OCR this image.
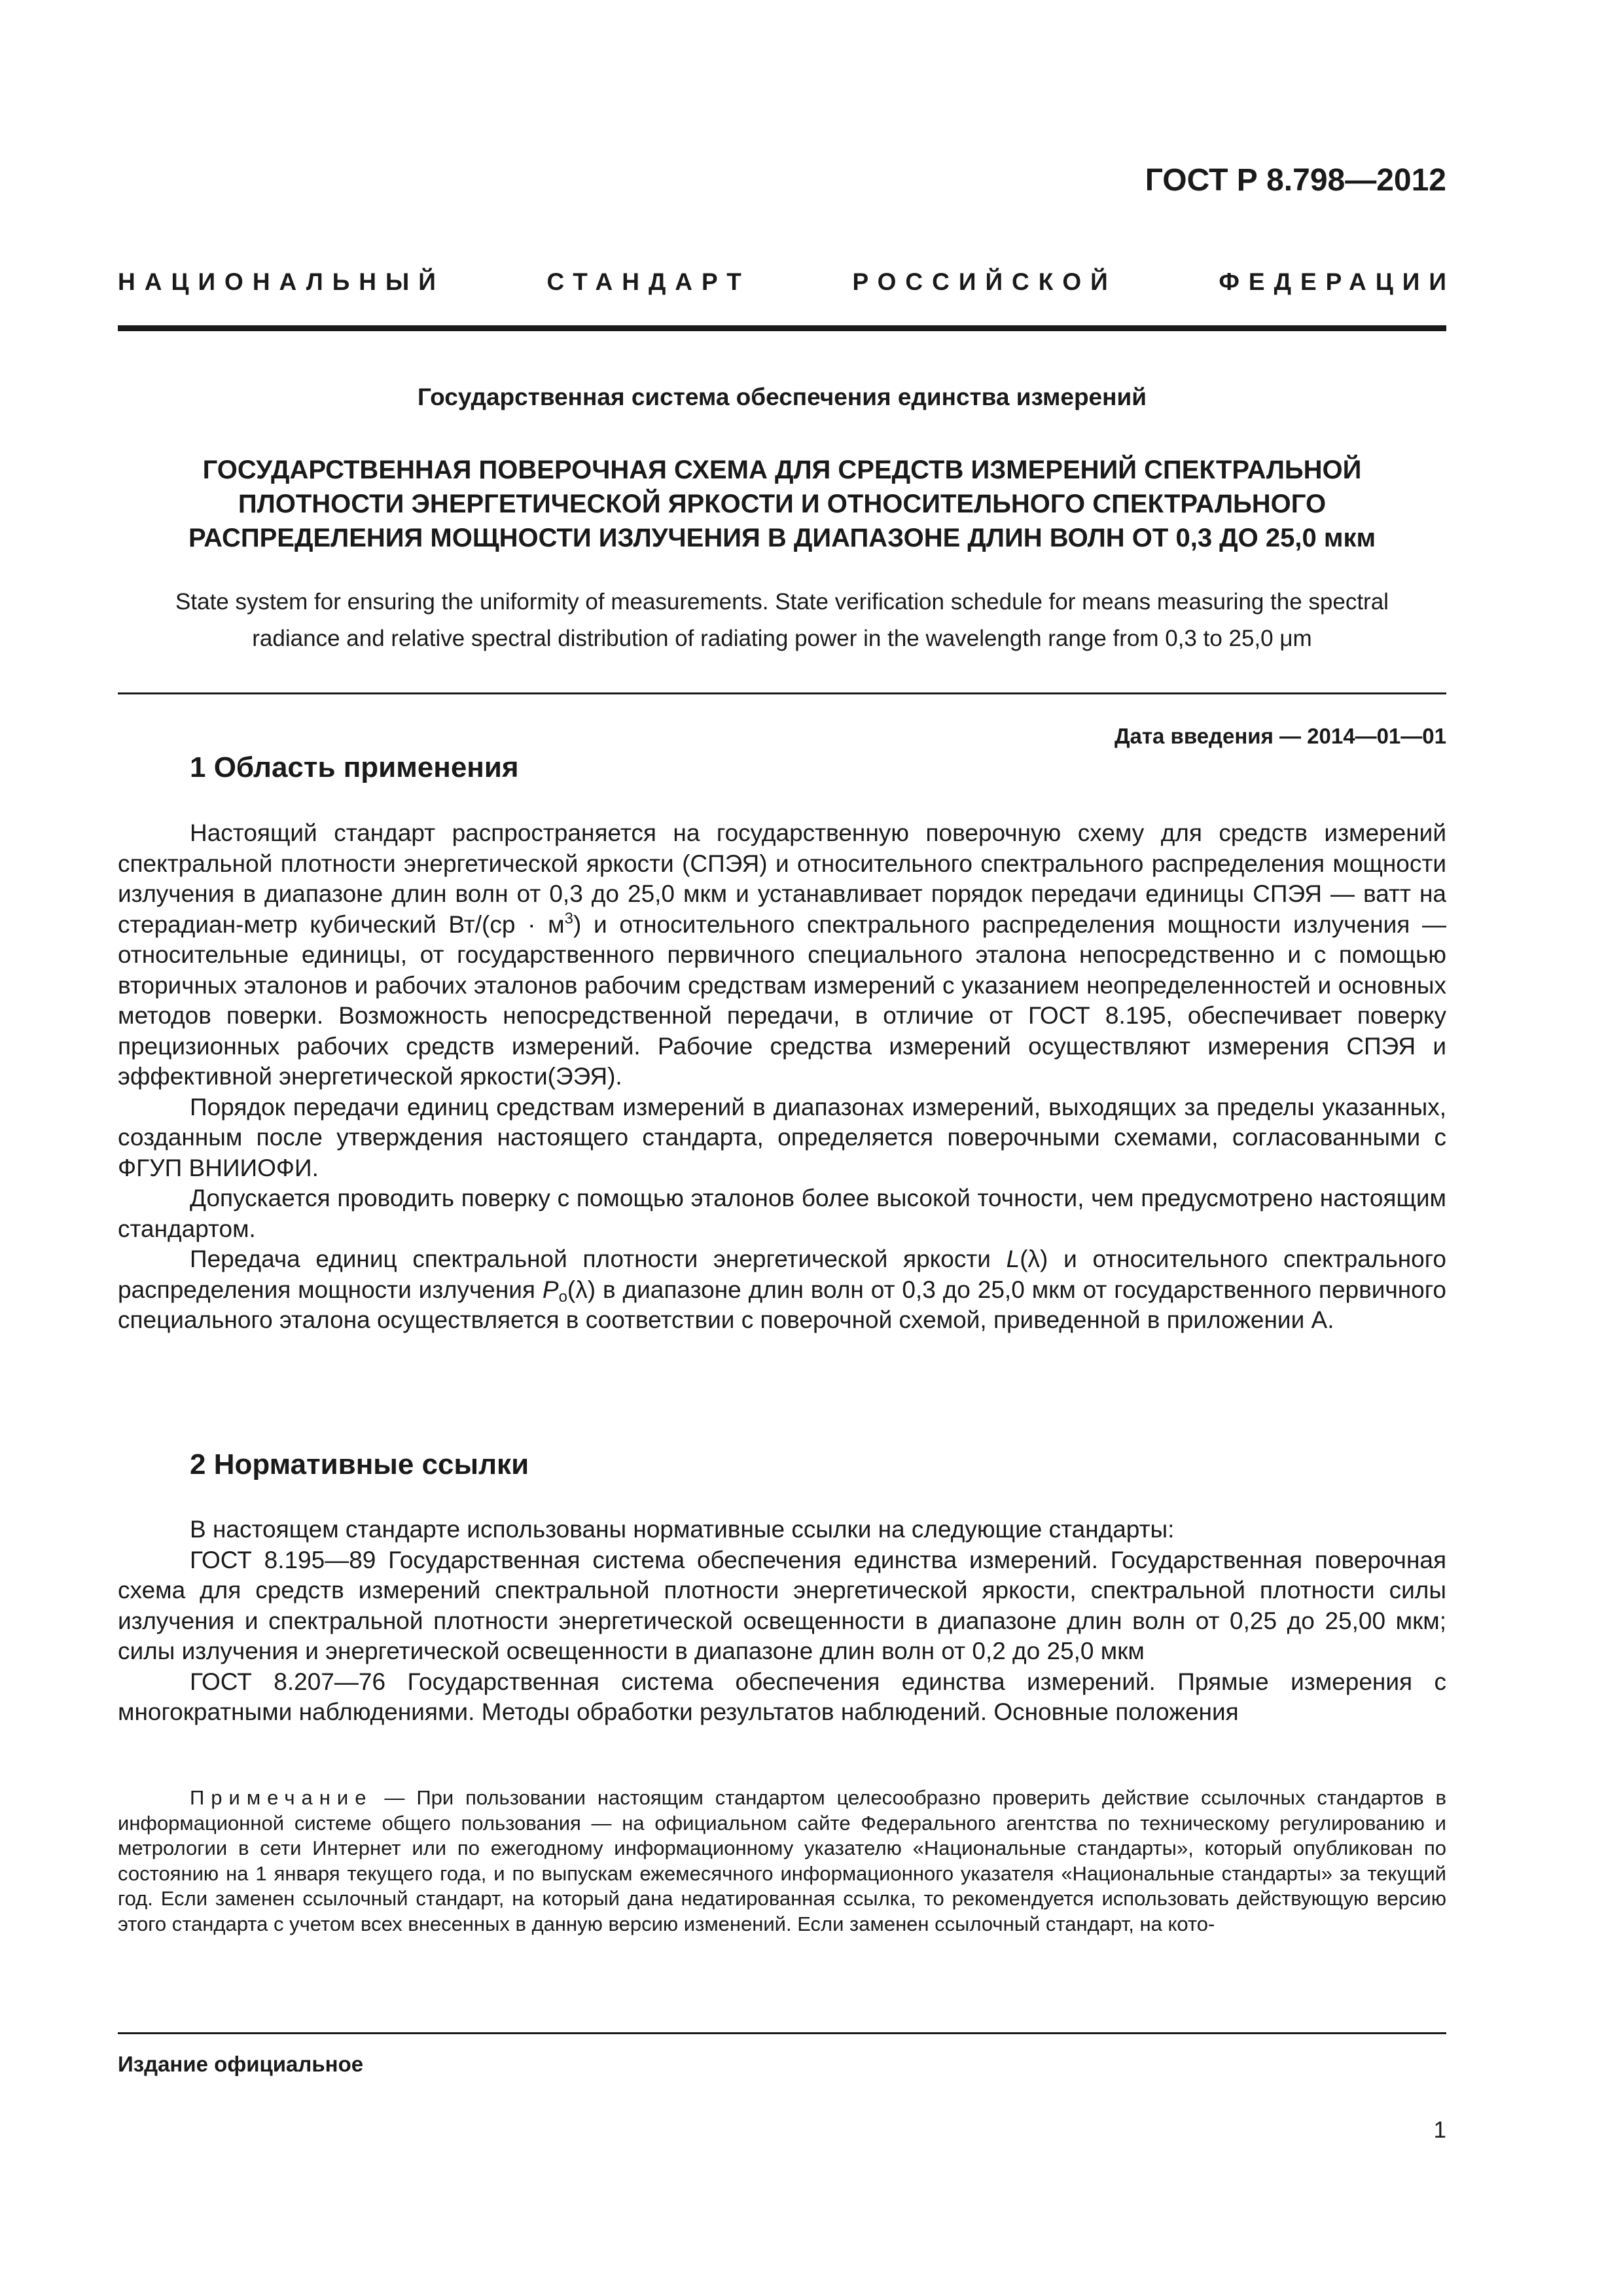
ГОСТ Р 8.798—2012
НАЦИОНАЛЬНЫЙ	СТАНДАРТ	РОССИЙСКОЙ	ФЕДЕРАЦИИ
Государственная система обеспечения единства измерений
ГОСУДАРСТВЕННАЯ ПОВЕРОЧНАЯ СХЕМА ДЛЯ СРЕДСТВ ИЗМЕРЕНИЙ СПЕКТРАЛЬНОЙ
ПЛОТНОСТИ ЭНЕРГЕТИЧЕСКОЙ ЯРКОСТИ И ОТНОСИТЕЛЬНОГО СПЕКТРАЛЬНОГО
РАСПРЕДЕЛЕНИЯ МОЩНОСТИ ИЗЛУЧЕНИЯ В ДИАПАЗОНЕ ДЛИН ВОЛН ОТ 0,3 ДО 25,0 мкм
State system for ensuring the uniformity of measurements. State verification schedule for means measuring the spectral
radiance and relative spectral distribution of radiating power in the wavelength range from 0,3 to 25,0 μm
Дата введения — 2014—01—01
1 Область применения

Настоящий стандарт распространяется на государственную поверочную схему для средств измерений спектральной плотности энергетической яркости (СПЭЯ) и относительного спектрального распределения мощности излучения в диапазоне длин волн от 0,3 до 25,0 мкм и устанавливает порядок передачи единицы СПЭЯ — ватт на стерадиан-метр кубический $Вт/(ср \cdot м^3)$ и относительного спектрального распределения мощности излучения — относительные единицы, от государственного первичного специального эталона непосредственно и с помощью вторичных эталонов и рабочих эталонов рабочим средствам измерений с указанием неопределенностей и основных методов поверки. Возможность непосредственной передачи, в отличие от ГОСТ 8.195, обеспечивает поверку прецизионных рабочих средств измерений. Рабочие средства измерений осуществляют измерения СПЭЯ и эффективной энергетической яркости(ЭЭЯ).

Порядок передачи единиц средствам измерений в диапазонах измерений, выходящих за пределы указанных, созданным после утверждения настоящего стандарта, определяется поверочными схемами, согласованными с ФГУП ВНИИОФИ.

Допускается проводить поверку с помощью эталонов более высокой точности, чем предусмотрено настоящим стандартом.

Передача единиц спектральной плотности энергетической яркости L(λ) и относительного спектрального распределения мощности излучения $P_o(\lambda)$ в диапазоне длин волн от 0,3 до 25,0 мкм от государственного первичного специального эталона осуществляется в соответствии с поверочной схемой, приведенной в приложении А.

2 Нормативные ссылки

В настоящем стандарте использованы нормативные ссылки на следующие стандарты:

ГОСТ 8.195—89 Государственная система обеспечения единства измерений. Государственная поверочная схема для средств измерений спектральной плотности энергетической яркости, спектральной плотности силы излучения и спектральной плотности энергетической освещенности в диапазоне длин волн от 0,25 до 25,00 мкм; силы излучения и энергетической освещенности в диапазоне длин волн от 0,2 до 25,0 мкм

ГОСТ 8.207—76 Государственная система обеспечения единства измерений. Прямые измерения с многократными наблюдениями. Методы обработки результатов наблюдений. Основные положения

Примечание — При пользовании настоящим стандартом целесообразно проверить действие ссылочных стандартов в информационной системе общего пользования — на официальном сайте Федерального агентства по техническому регулированию и метрологии в сети Интернет или по ежегодному информационному указателю «Национальные стандарты», который опубликован по состоянию на 1 января текущего года, и по выпускам ежемесячного информационного указателя «Национальные стандарты» за текущий год. Если заменен ссылочный стандарт, на который дана недатированная ссылка, то рекомендуется использовать действующую версию этого стандарта с учетом всех внесенных в данную версию изменений. Если заменен ссылочный стандарт, на кото-
Издание официальное
1
